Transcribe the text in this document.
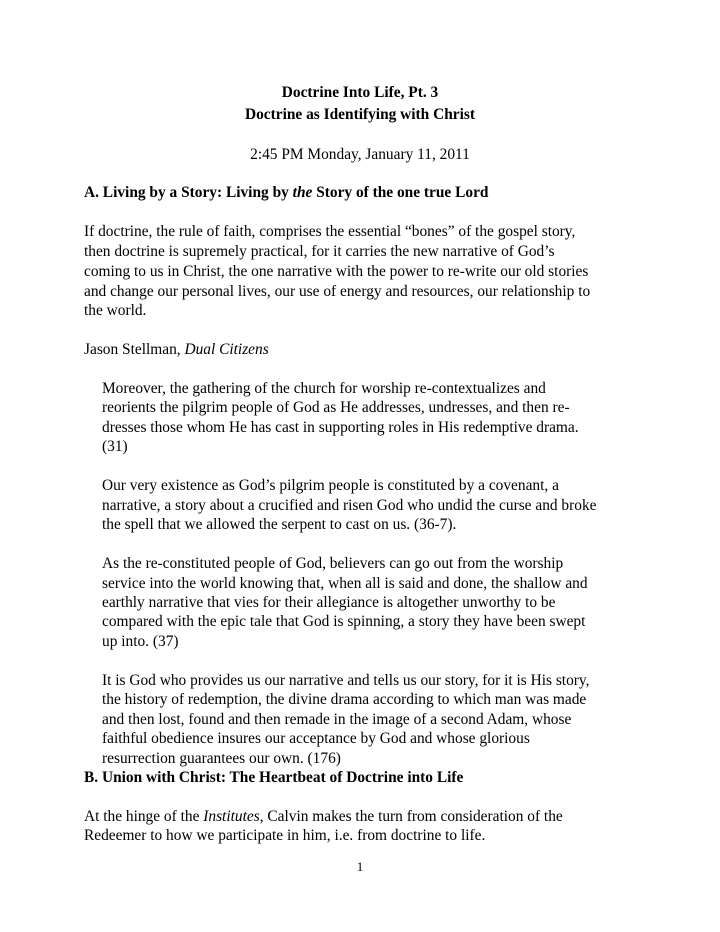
Doctrine Into Life, Pt. 3
Doctrine as Identifying with Christ
2:45 PM Monday, January 11, 2011
A. Living by a Story: Living by the Story of the one true Lord
If doctrine, the rule of faith, comprises the essential “bones” of the gospel story,
then doctrine is supremely practical, for it carries the new narrative of God’s
coming to us in Christ, the one narrative with the power to re-write our old stories
and change our personal lives, our use of energy and resources, our relationship to
the world.
Jason Stellman, Dual Citizens
Moreover, the gathering of the church for worship re-contextualizes and
reorients the pilgrim people of God as He addresses, undresses, and then re-
dresses those whom He has cast in supporting roles in His redemptive drama.
(31)
Our very existence as God’s pilgrim people is constituted by a covenant, a
narrative, a story about a crucified and risen God who undid the curse and broke
the spell that we allowed the serpent to cast on us. (36-7).
As the re-constituted people of God, believers can go out from the worship
service into the world knowing that, when all is said and done, the shallow and
earthly narrative that vies for their allegiance is altogether unworthy to be
compared with the epic tale that God is spinning, a story they have been swept
up into. (37)
It is God who provides us our narrative and tells us our story, for it is His story,
the history of redemption, the divine drama according to which man was made
and then lost, found and then remade in the image of a second Adam, whose
faithful obedience insures our acceptance by God and whose glorious
resurrection guarantees our own. (176)
B. Union with Christ: The Heartbeat of Doctrine into Life
At the hinge of the Institutes, Calvin makes the turn from consideration of the
Redeemer to how we participate in him, i.e. from doctrine to life.
1
